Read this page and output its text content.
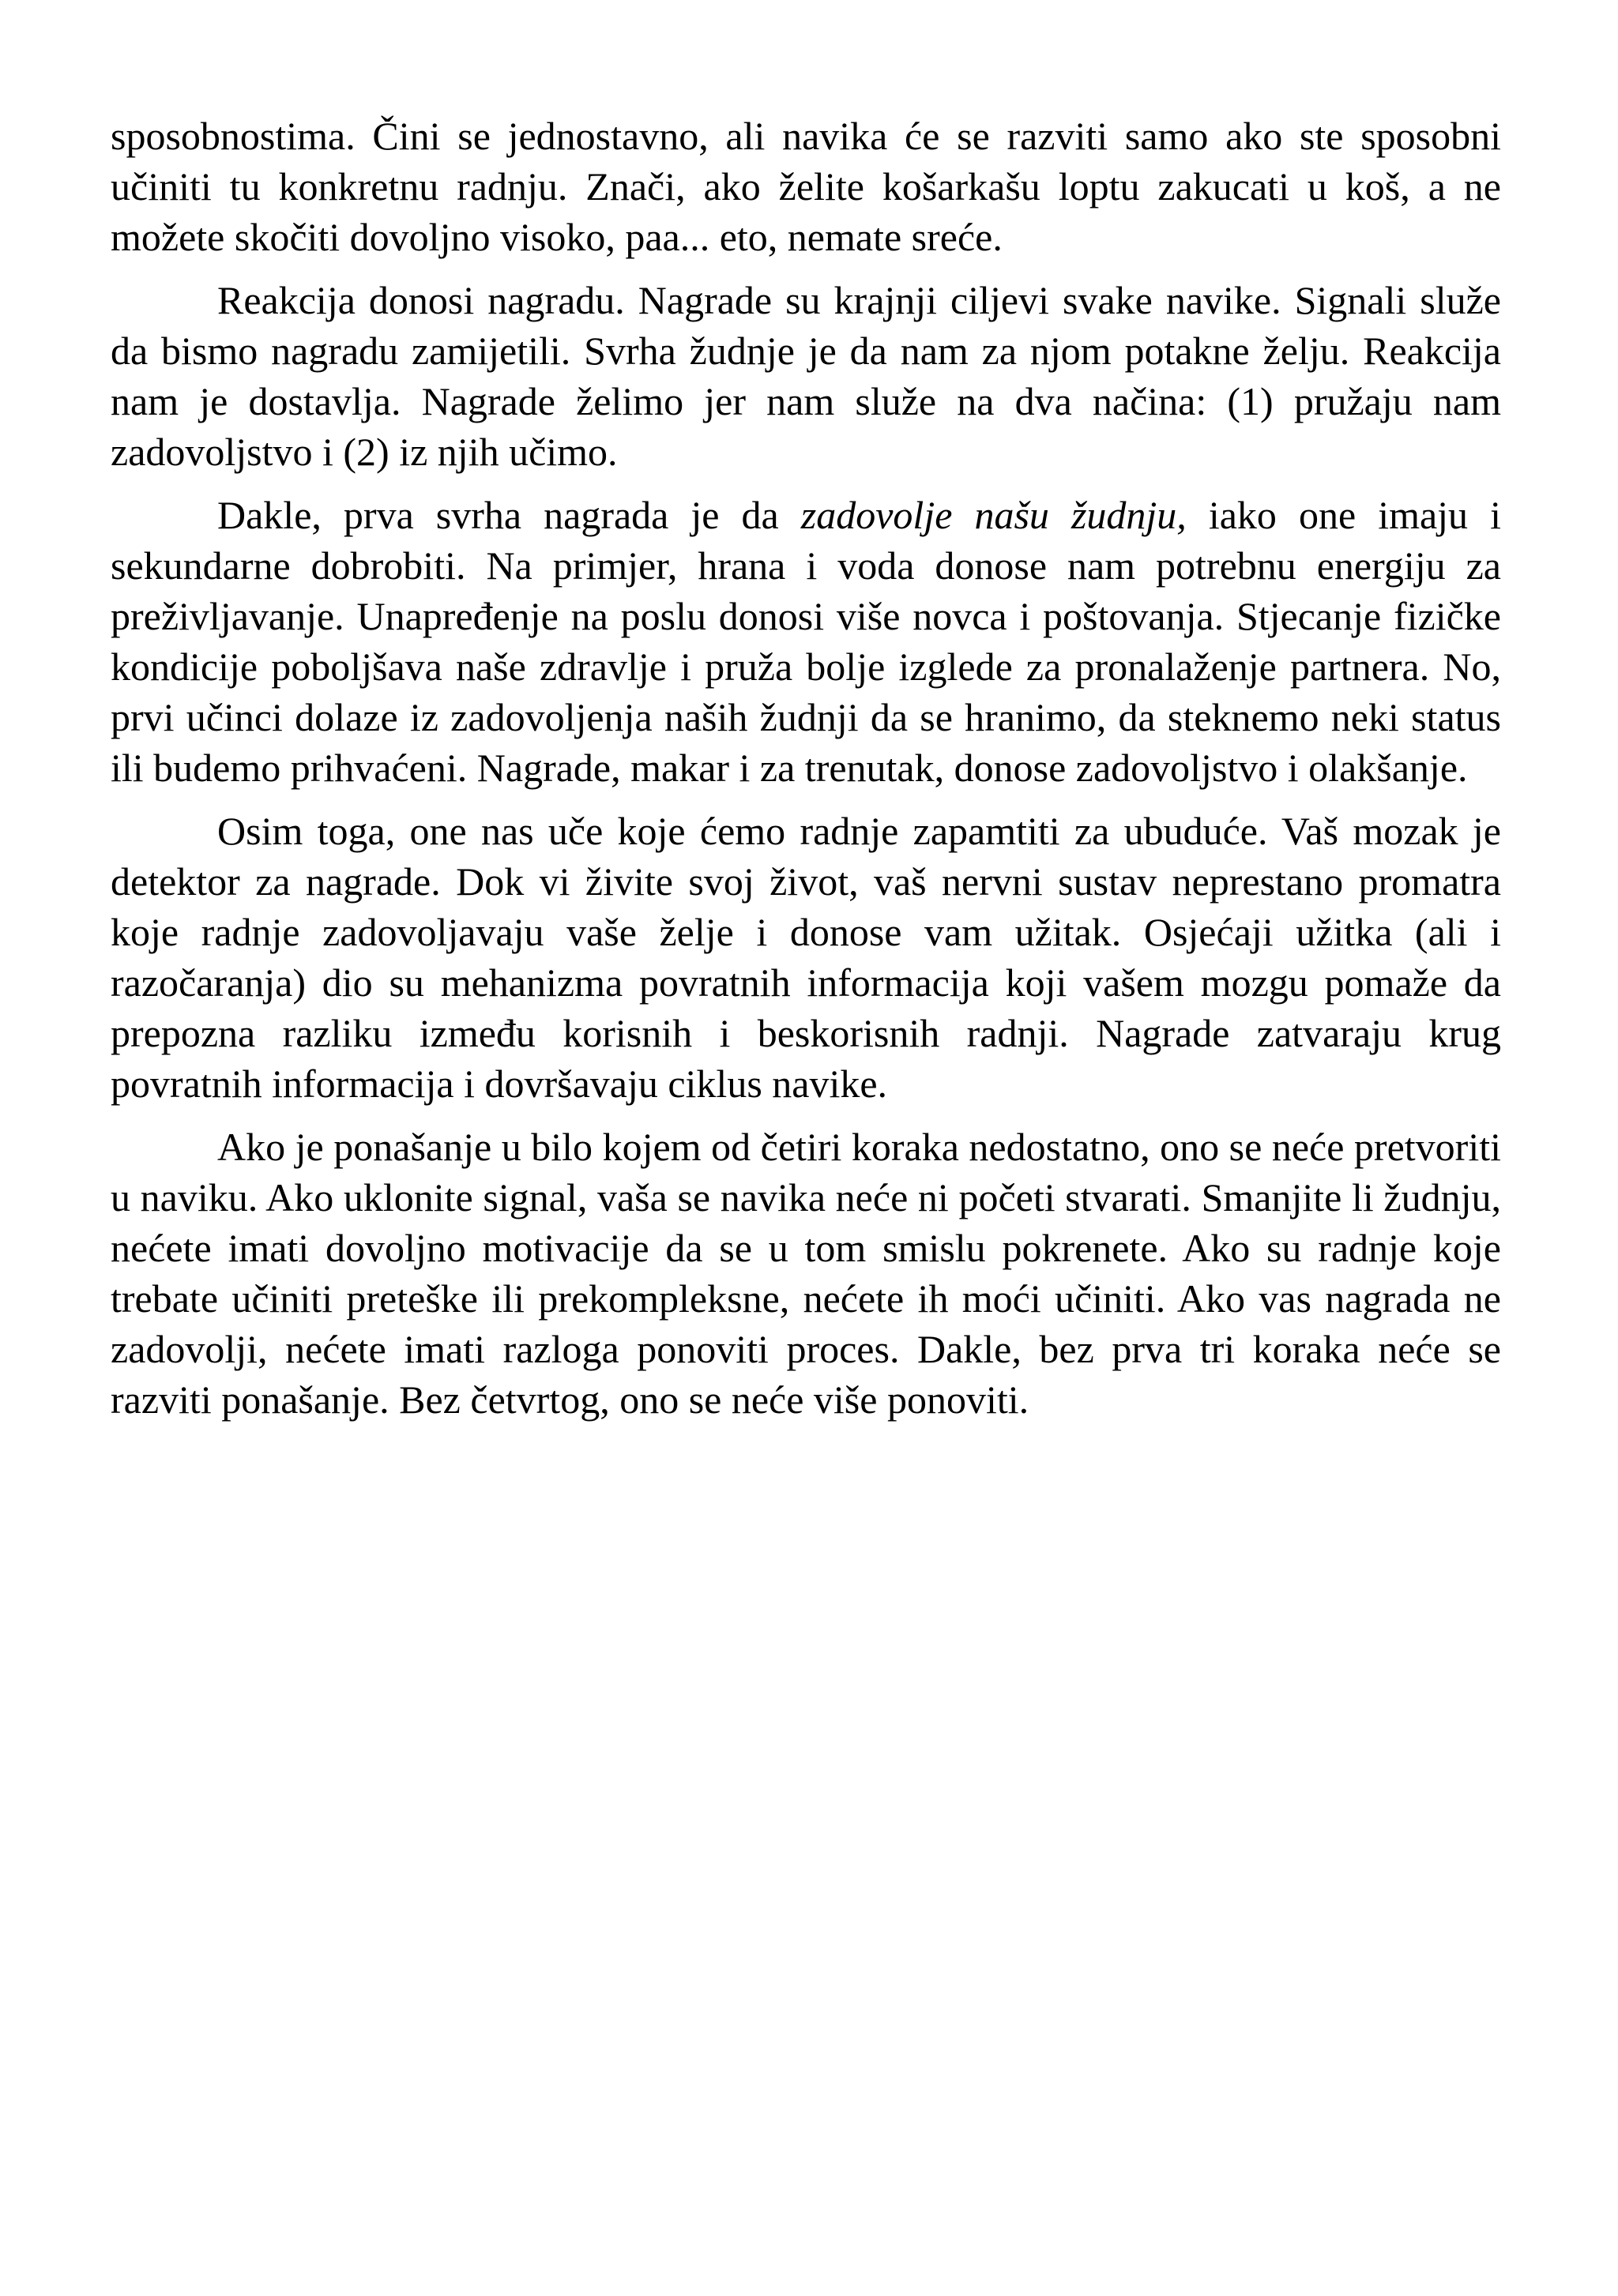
sposobnostima. Čini se jednostavno, ali navika će se razviti samo ako ste sposobni učiniti tu konkretnu radnju. Znači, ako želite košarkašu loptu zakucati u koš, a ne možete skočiti dovoljno visoko, paa... eto, nemate sreće.

Reakcija donosi nagradu. Nagrade su krajnji ciljevi svake navike. Signali služe da bismo nagradu zamijetili. Svrha žudnje je da nam za njom potakne želju. Reakcija nam je dostavlja. Nagrade želimo jer nam služe na dva načina: (1) pružaju nam zadovoljstvo i (2) iz njih učimo.

Dakle, prva svrha nagrada je da zadovolje našu žudnju, iako one imaju i sekundarne dobrobiti. Na primjer, hrana i voda donose nam potrebnu energiju za preživljavanje. Unapređenje na poslu donosi više novca i poštovanja. Stjecanje fizičke kondicije poboljšava naše zdravlje i pruža bolje izglede za pronalaženje partnera. No, prvi učinci dolaze iz zadovoljenja naših žudnji da se hranimo, da steknemo neki status ili budemo prihvaćeni. Nagrade, makar i za trenutak, donose zadovoljstvo i olakšanje.

Osim toga, one nas uče koje ćemo radnje zapamtiti za ubuduće. Vaš mozak je detektor za nagrade. Dok vi živite svoj život, vaš nervni sustav neprestano promatra koje radnje zadovoljavaju vaše želje i donose vam užitak. Osjećaji užitka (ali i razočaranja) dio su mehanizma povratnih informacija koji vašem mozgu pomaže da prepozna razliku između korisnih i beskorisnih radnji. Nagrade zatvaraju krug povratnih informacija i dovršavaju ciklus navike.

Ako je ponašanje u bilo kojem od četiri koraka nedostatno, ono se neće pretvoriti u naviku. Ako uklonite signal, vaša se navika neće ni početi stvarati. Smanjite li žudnju, nećete imati dovoljno motivacije da se u tom smislu pokrenete. Ako su radnje koje trebate učiniti preteške ili prekompleksne, nećete ih moći učiniti. Ako vas nagrada ne zadovolji, nećete imati razloga ponoviti proces. Dakle, bez prva tri koraka neće se razviti ponašanje. Bez četvrtog, ono se neće više ponoviti.
